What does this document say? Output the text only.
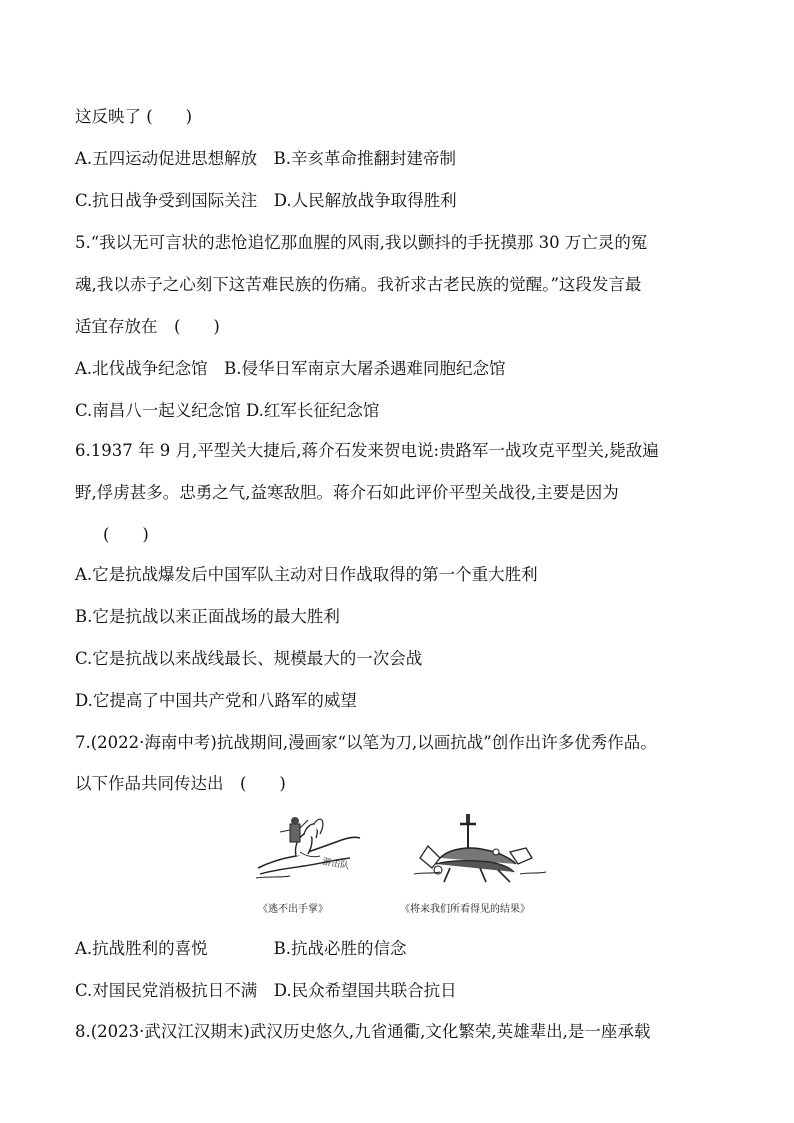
这反映了 (　　)
A.五四运动促进思想解放　B.辛亥革命推翻封建帝制
C.抗日战争受到国际关注　D.人民解放战争取得胜利
5.“我以无可言状的悲怆追忆那血腥的风雨,我以颤抖的手抚摸那 30 万亡灵的冤
魂,我以赤子之心刻下这苦难民族的伤痛。我祈求古老民族的觉醒。”这段发言最
适宜存放在　(　　)
A.北伐战争纪念馆　B.侵华日军南京大屠杀遇难同胞纪念馆
C.南昌八一起义纪念馆 D.红军长征纪念馆
6.1937 年 9 月,平型关大捷后,蒋介石发来贺电说:贵路军一战攻克平型关,毙敌遍
野,俘虏甚多。忠勇之气,益寒敌胆。蒋介石如此评价平型关战役,主要是因为
(　　)
A.它是抗战爆发后中国军队主动对日作战取得的第一个重大胜利
B.它是抗战以来正面战场的最大胜利
C.它是抗战以来战线最长、规模最大的一次会战
D.它提高了中国共产党和八路军的威望
7.(2022·海南中考)抗战期间,漫画家“以笔为刀,以画抗战”创作出许多优秀作品。
以下作品共同传达出　(　　)
游击队
《逃不出手掌》	《将来我们所看得见的结果》
A.抗战胜利的喜悦　　　　B.抗战必胜的信念
C.对国民党消极抗日不满　D.民众希望国共联合抗日
8.(2023·武汉江汉期末)武汉历史悠久,九省通衢,文化繁荣,英雄辈出,是一座承载
